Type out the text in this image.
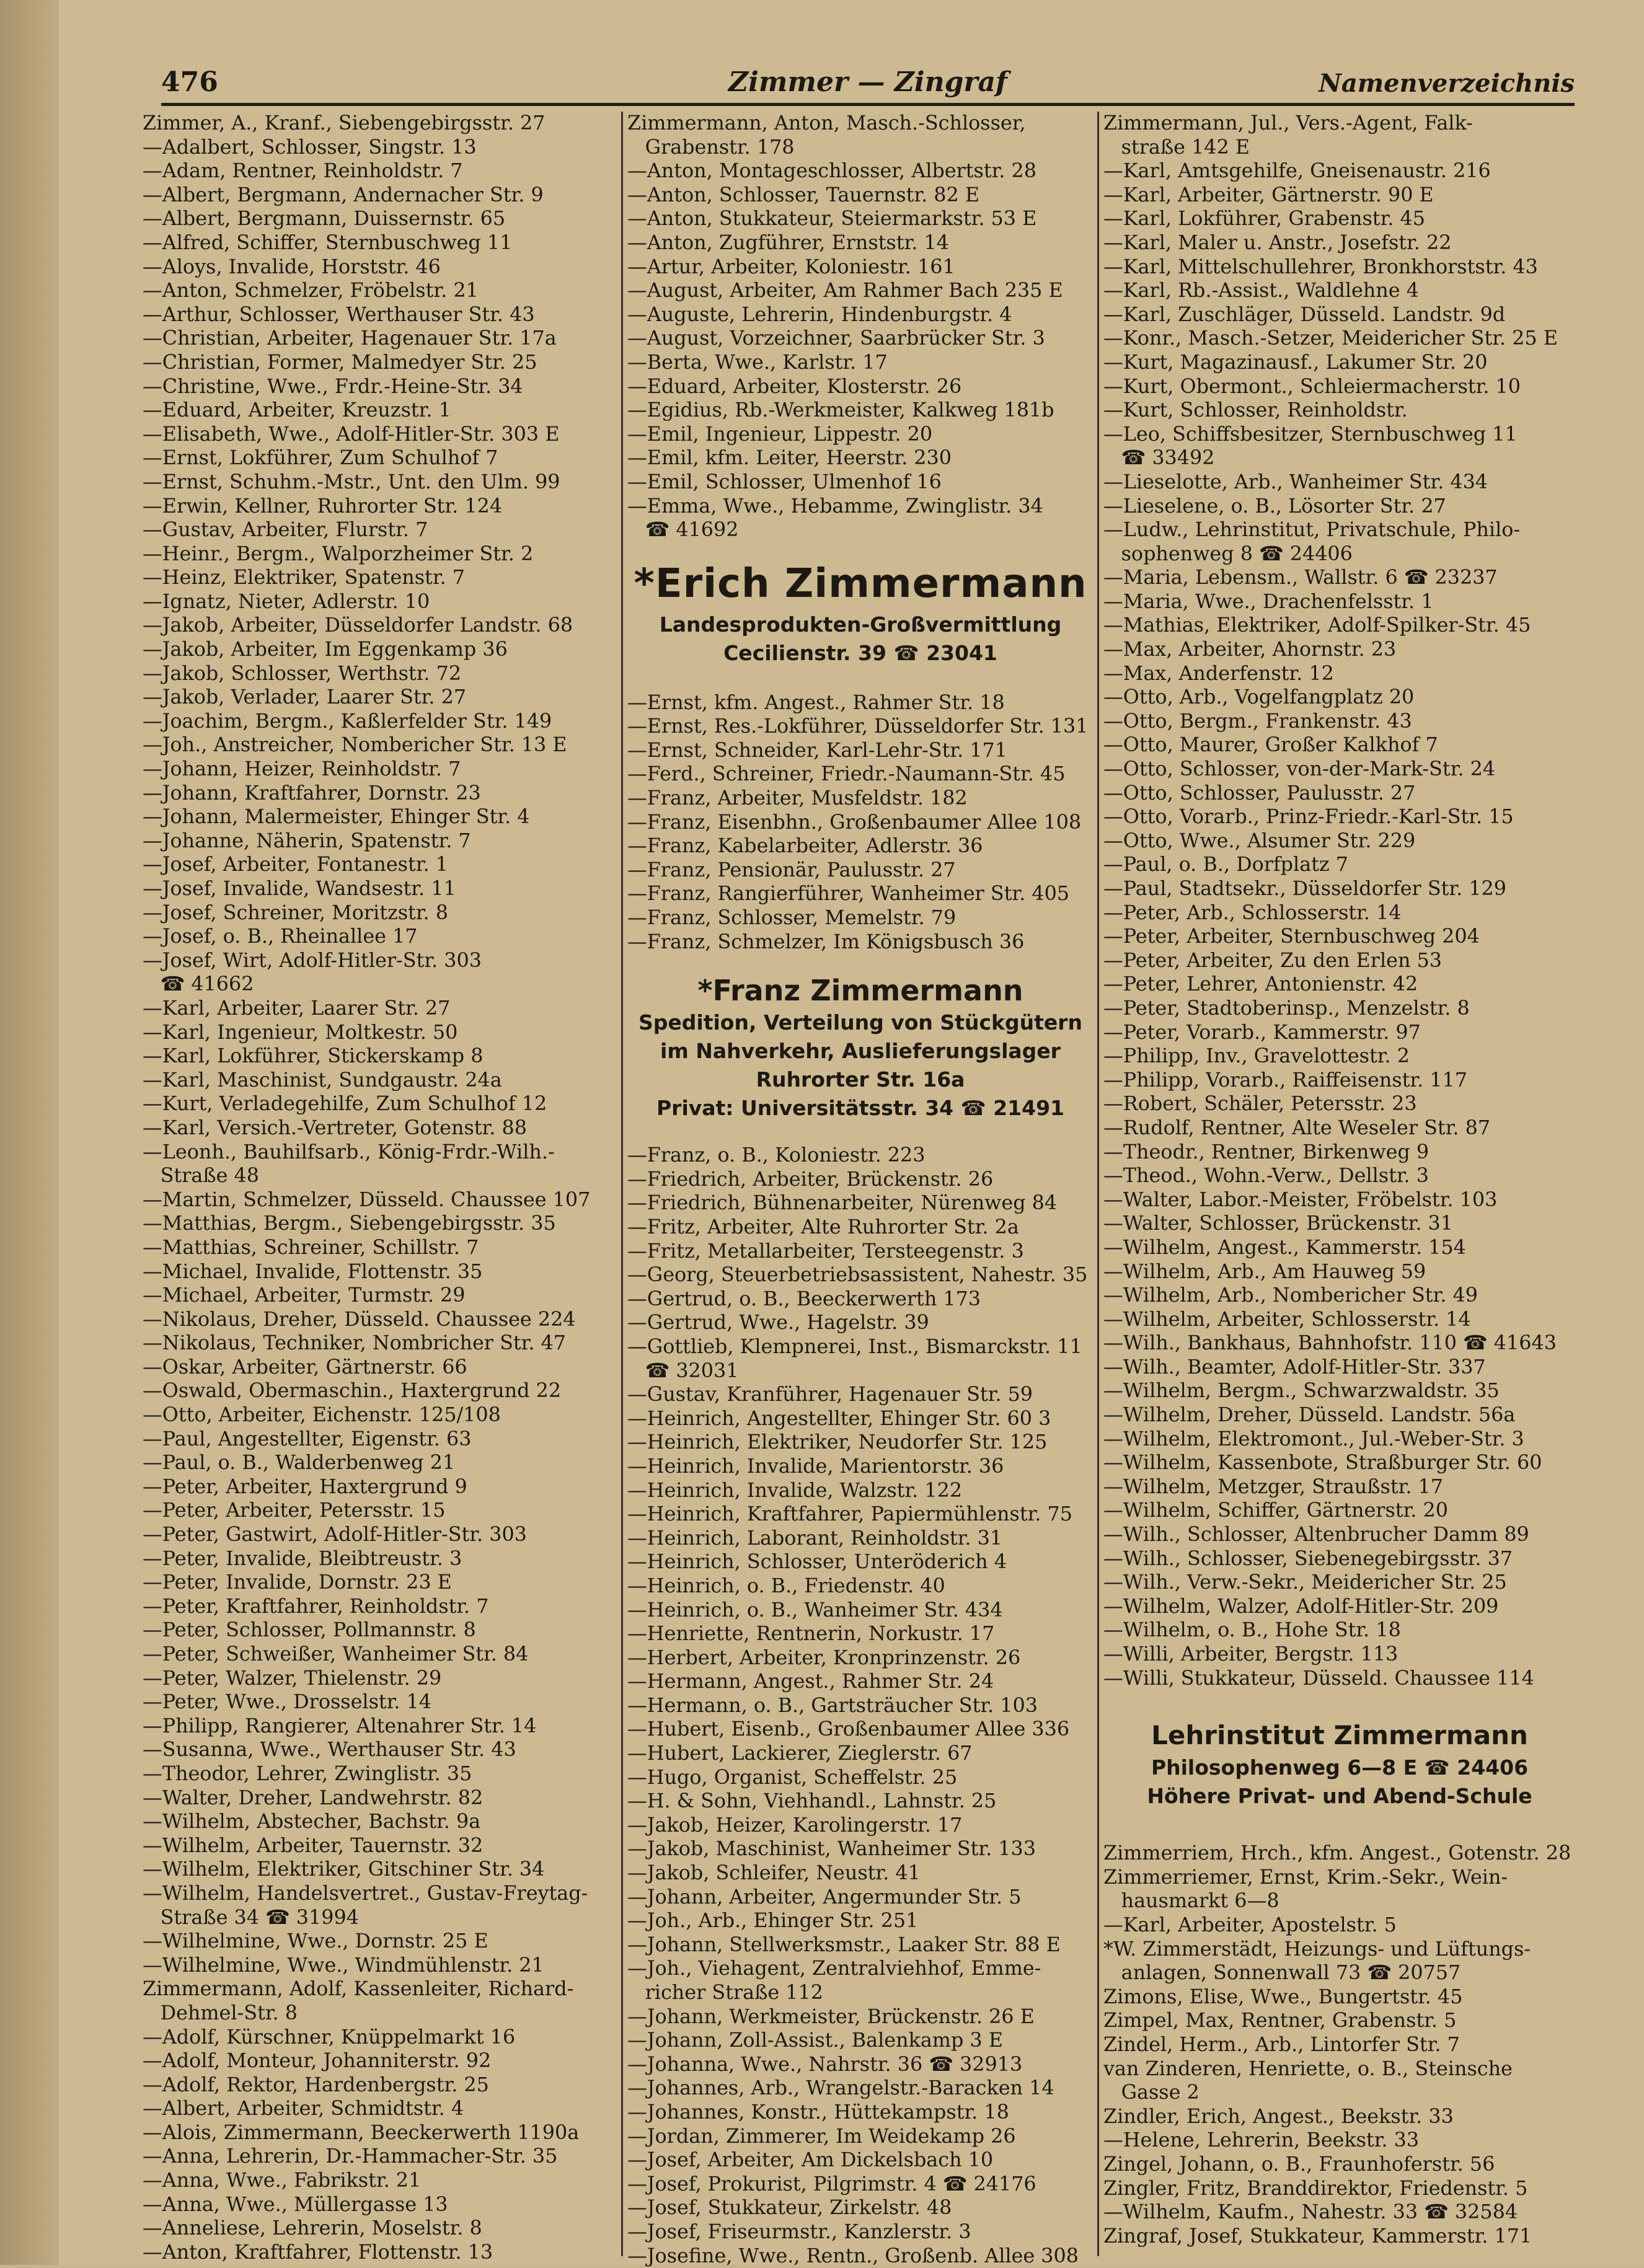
476	Zimmer — Zingraf	Namenverzeichnis
Zimmer, A., Kranf., Siebengebirgsstr. 27
—Adalbert, Schlosser, Singstr. 13
—Adam, Rentner, Reinholdstr. 7
—Albert, Bergmann, Andernacher Str. 9
—Albert, Bergmann, Duissernstr. 65
—Alfred, Schiffer, Sternbuschweg 11
—Aloys, Invalide, Horststr. 46
—Anton, Schmelzer, Fröbelstr. 21
—Arthur, Schlosser, Werthauser Str. 43
—Christian, Arbeiter, Hagenauer Str. 17a
—Christian, Former, Malmedyer Str. 25
—Christine, Wwe., Frdr.-Heine-Str. 34
—Eduard, Arbeiter, Kreuzstr. 1
—Elisabeth, Wwe., Adolf-Hitler-Str. 303 E
—Ernst, Lokführer, Zum Schulhof 7
—Ernst, Schuhm.-Mstr., Unt. den Ulm. 99
—Erwin, Kellner, Ruhrorter Str. 124
—Gustav, Arbeiter, Flurstr. 7
—Heinr., Bergm., Walporzheimer Str. 2
—Heinz, Elektriker, Spatenstr. 7
—Ignatz, Nieter, Adlerstr. 10
—Jakob, Arbeiter, Düsseldorfer Landstr. 68
—Jakob, Arbeiter, Im Eggenkamp 36
—Jakob, Schlosser, Werthstr. 72
—Jakob, Verlader, Laarer Str. 27
—Joachim, Bergm., Kaßlerfelder Str. 149
—Joh., Anstreicher, Nombericher Str. 13 E
—Johann, Heizer, Reinholdstr. 7
—Johann, Kraftfahrer, Dornstr. 23
—Johann, Malermeister, Ehinger Str. 4
—Johanne, Näherin, Spatenstr. 7
—Josef, Arbeiter, Fontanestr. 1
—Josef, Invalide, Wandsestr. 11
—Josef, Schreiner, Moritzstr. 8
—Josef, o. B., Rheinallee 17
—Josef, Wirt, Adolf-Hitler-Str. 303
☎ 41662
—Karl, Arbeiter, Laarer Str. 27
—Karl, Ingenieur, Moltkestr. 50
—Karl, Lokführer, Stickerskamp 8
—Karl, Maschinist, Sundgaustr. 24a
—Kurt, Verladegehilfe, Zum Schulhof 12
—Karl, Versich.-Vertreter, Gotenstr. 88
—Leonh., Bauhilfsarb., König-Frdr.-Wilh.-
Straße 48
—Martin, Schmelzer, Düsseld. Chaussee 107
—Matthias, Bergm., Siebengebirgsstr. 35
—Matthias, Schreiner, Schillstr. 7
—Michael, Invalide, Flottenstr. 35
—Michael, Arbeiter, Turmstr. 29
—Nikolaus, Dreher, Düsseld. Chaussee 224
—Nikolaus, Techniker, Nombricher Str. 47
—Oskar, Arbeiter, Gärtnerstr. 66
—Oswald, Obermaschin., Haxtergrund 22
—Otto, Arbeiter, Eichenstr. 125/108
—Paul, Angestellter, Eigenstr. 63
—Paul, o. B., Walderbenweg 21
—Peter, Arbeiter, Haxtergrund 9
—Peter, Arbeiter, Petersstr. 15
—Peter, Gastwirt, Adolf-Hitler-Str. 303
—Peter, Invalide, Bleibtreustr. 3
—Peter, Invalide, Dornstr. 23 E
—Peter, Kraftfahrer, Reinholdstr. 7
—Peter, Schlosser, Pollmannstr. 8
—Peter, Schweißer, Wanheimer Str. 84
—Peter, Walzer, Thielenstr. 29
—Peter, Wwe., Drosselstr. 14
—Philipp, Rangierer, Altenahrer Str. 14
—Susanna, Wwe., Werthauser Str. 43
—Theodor, Lehrer, Zwinglistr. 35
—Walter, Dreher, Landwehrstr. 82
—Wilhelm, Abstecher, Bachstr. 9a
—Wilhelm, Arbeiter, Tauernstr. 32
—Wilhelm, Elektriker, Gitschiner Str. 34
—Wilhelm, Handelsvertret., Gustav-Freytag-
Straße 34 ☎ 31994
—Wilhelmine, Wwe., Dornstr. 25 E
—Wilhelmine, Wwe., Windmühlenstr. 21
Zimmermann, Adolf, Kassenleiter, Richard-
Dehmel-Str. 8
—Adolf, Kürschner, Knüppelmarkt 16
—Adolf, Monteur, Johanniterstr. 92
—Adolf, Rektor, Hardenbergstr. 25
—Albert, Arbeiter, Schmidtstr. 4
—Alois, Zimmermann, Beeckerwerth 1190a
—Anna, Lehrerin, Dr.-Hammacher-Str. 35
—Anna, Wwe., Fabrikstr. 21
—Anna, Wwe., Müllergasse 13
—Anneliese, Lehrerin, Moselstr. 8
—Anton, Kraftfahrer, Flottenstr. 13
Zimmermann, Anton, Masch.-Schlosser,
Grabenstr. 178
—Anton, Montageschlosser, Albertstr. 28
—Anton, Schlosser, Tauernstr. 82 E
—Anton, Stukkateur, Steiermarkstr. 53 E
—Anton, Zugführer, Ernststr. 14
—Artur, Arbeiter, Koloniestr. 161
—August, Arbeiter, Am Rahmer Bach 235 E
—Auguste, Lehrerin, Hindenburgstr. 4
—August, Vorzeichner, Saarbrücker Str. 3
—Berta, Wwe., Karlstr. 17
—Eduard, Arbeiter, Klosterstr. 26
—Egidius, Rb.-Werkmeister, Kalkweg 181b
—Emil, Ingenieur, Lippestr. 20
—Emil, kfm. Leiter, Heerstr. 230
—Emil, Schlosser, Ulmenhof 16
—Emma, Wwe., Hebamme, Zwinglistr. 34
☎ 41692
*Erich Zimmermann
Landesprodukten-Großvermittlung
Cecilienstr. 39 ☎ 23041
—Ernst, kfm. Angest., Rahmer Str. 18
—Ernst, Res.-Lokführer, Düsseldorfer Str. 131
—Ernst, Schneider, Karl-Lehr-Str. 171
—Ferd., Schreiner, Friedr.-Naumann-Str. 45
—Franz, Arbeiter, Musfeldstr. 182
—Franz, Eisenbhn., Großenbaumer Allee 108
—Franz, Kabelarbeiter, Adlerstr. 36
—Franz, Pensionär, Paulusstr. 27
—Franz, Rangierführer, Wanheimer Str. 405
—Franz, Schlosser, Memelstr. 79
—Franz, Schmelzer, Im Königsbusch 36
*Franz Zimmermann
Spedition, Verteilung von Stückgütern
im Nahverkehr, Auslieferungslager
Ruhrorter Str. 16a
Privat: Universitätsstr. 34 ☎ 21491
—Franz, o. B., Koloniestr. 223
—Friedrich, Arbeiter, Brückenstr. 26
—Friedrich, Bühnenarbeiter, Nürenweg 84
—Fritz, Arbeiter, Alte Ruhrorter Str. 2a
—Fritz, Metallarbeiter, Tersteegenstr. 3
—Georg, Steuerbetriebsassistent, Nahestr. 35
—Gertrud, o. B., Beeckerwerth 173
—Gertrud, Wwe., Hagelstr. 39
—Gottlieb, Klempnerei, Inst., Bismarckstr. 11
☎ 32031
—Gustav, Kranführer, Hagenauer Str. 59
—Heinrich, Angestellter, Ehinger Str. 60 3
—Heinrich, Elektriker, Neudorfer Str. 125
—Heinrich, Invalide, Marientorstr. 36
—Heinrich, Invalide, Walzstr. 122
—Heinrich, Kraftfahrer, Papiermühlenstr. 75
—Heinrich, Laborant, Reinholdstr. 31
—Heinrich, Schlosser, Unteröderich 4
—Heinrich, o. B., Friedenstr. 40
—Heinrich, o. B., Wanheimer Str. 434
—Henriette, Rentnerin, Norkustr. 17
—Herbert, Arbeiter, Kronprinzenstr. 26
—Hermann, Angest., Rahmer Str. 24
—Hermann, o. B., Gartsträucher Str. 103
—Hubert, Eisenb., Großenbaumer Allee 336
—Hubert, Lackierer, Zieglerstr. 67
—Hugo, Organist, Scheffelstr. 25
—H. & Sohn, Viehhandl., Lahnstr. 25
—Jakob, Heizer, Karolingerstr. 17
—Jakob, Maschinist, Wanheimer Str. 133
—Jakob, Schleifer, Neustr. 41
—Johann, Arbeiter, Angermunder Str. 5
—Joh., Arb., Ehinger Str. 251
—Johann, Stellwerksmstr., Laaker Str. 88 E
—Joh., Viehagent, Zentralviehhof, Emme-
richer Straße 112
—Johann, Werkmeister, Brückenstr. 26 E
—Johann, Zoll-Assist., Balenkamp 3 E
—Johanna, Wwe., Nahrstr. 36 ☎ 32913
—Johannes, Arb., Wrangelstr.-Baracken 14
—Johannes, Konstr., Hüttekampstr. 18
—Jordan, Zimmerer, Im Weidekamp 26
—Josef, Arbeiter, Am Dickelsbach 10
—Josef, Prokurist, Pilgrimstr. 4 ☎ 24176
—Josef, Stukkateur, Zirkelstr. 48
—Josef, Friseurmstr., Kanzlerstr. 3
—Josefine, Wwe., Rentn., Großenb. Allee 308
Zimmermann, Jul., Vers.-Agent, Falk-
straße 142 E
—Karl, Amtsgehilfe, Gneisenaustr. 216
—Karl, Arbeiter, Gärtnerstr. 90 E
—Karl, Lokführer, Grabenstr. 45
—Karl, Maler u. Anstr., Josefstr. 22
—Karl, Mittelschullehrer, Bronkhorststr. 43
—Karl, Rb.-Assist., Waldlehne 4
—Karl, Zuschläger, Düsseld. Landstr. 9d
—Konr., Masch.-Setzer, Meidericher Str. 25 E
—Kurt, Magazinausf., Lakumer Str. 20
—Kurt, Obermont., Schleiermacherstr. 10
—Kurt, Schlosser, Reinholdstr.
—Leo, Schiffsbesitzer, Sternbuschweg 11
☎ 33492
—Lieselotte, Arb., Wanheimer Str. 434
—Lieselene, o. B., Lösorter Str. 27
—Ludw., Lehrinstitut, Privatschule, Philo-
sophenweg 8 ☎ 24406
—Maria, Lebensm., Wallstr. 6 ☎ 23237
—Maria, Wwe., Drachenfelsstr. 1
—Mathias, Elektriker, Adolf-Spilker-Str. 45
—Max, Arbeiter, Ahornstr. 23
—Max, Anderfenstr. 12
—Otto, Arb., Vogelfangplatz 20
—Otto, Bergm., Frankenstr. 43
—Otto, Maurer, Großer Kalkhof 7
—Otto, Schlosser, von-der-Mark-Str. 24
—Otto, Schlosser, Paulusstr. 27
—Otto, Vorarb., Prinz-Friedr.-Karl-Str. 15
—Otto, Wwe., Alsumer Str. 229
—Paul, o. B., Dorfplatz 7
—Paul, Stadtsekr., Düsseldorfer Str. 129
—Peter, Arb., Schlosserstr. 14
—Peter, Arbeiter, Sternbuschweg 204
—Peter, Arbeiter, Zu den Erlen 53
—Peter, Lehrer, Antonienstr. 42
—Peter, Stadtoberinsp., Menzelstr. 8
—Peter, Vorarb., Kammerstr. 97
—Philipp, Inv., Gravelottestr. 2
—Philipp, Vorarb., Raiffeisenstr. 117
—Robert, Schäler, Petersstr. 23
—Rudolf, Rentner, Alte Weseler Str. 87
—Theodr., Rentner, Birkenweg 9
—Theod., Wohn.-Verw., Dellstr. 3
—Walter, Labor.-Meister, Fröbelstr. 103
—Walter, Schlosser, Brückenstr. 31
—Wilhelm, Angest., Kammerstr. 154
—Wilhelm, Arb., Am Hauweg 59
—Wilhelm, Arb., Nombericher Str. 49
—Wilhelm, Arbeiter, Schlosserstr. 14
—Wilh., Bankhaus, Bahnhofstr. 110 ☎ 41643
—Wilh., Beamter, Adolf-Hitler-Str. 337
—Wilhelm, Bergm., Schwarzwaldstr. 35
—Wilhelm, Dreher, Düsseld. Landstr. 56a
—Wilhelm, Elektromont., Jul.-Weber-Str. 3
—Wilhelm, Kassenbote, Straßburger Str. 60
—Wilhelm, Metzger, Straußstr. 17
—Wilhelm, Schiffer, Gärtnerstr. 20
—Wilh., Schlosser, Altenbrucher Damm 89
—Wilh., Schlosser, Siebenegebirgsstr. 37
—Wilh., Verw.-Sekr., Meidericher Str. 25
—Wilhelm, Walzer, Adolf-Hitler-Str. 209
—Wilhelm, o. B., Hohe Str. 18
—Willi, Arbeiter, Bergstr. 113
—Willi, Stukkateur, Düsseld. Chaussee 114
Lehrinstitut Zimmermann
Philosophenweg 6—8 E ☎ 24406
Höhere Privat- und Abend-Schule
Zimmerriem, Hrch., kfm. Angest., Gotenstr. 28
Zimmerriemer, Ernst, Krim.-Sekr., Wein-
hausmarkt 6—8
—Karl, Arbeiter, Apostelstr. 5
*W. Zimmerstädt, Heizungs- und Lüftungs-
anlagen, Sonnenwall 73 ☎ 20757
Zimons, Elise, Wwe., Bungertstr. 45
Zimpel, Max, Rentner, Grabenstr. 5
Zindel, Herm., Arb., Lintorfer Str. 7
van Zinderen, Henriette, o. B., Steinsche
Gasse 2
Zindler, Erich, Angest., Beekstr. 33
—Helene, Lehrerin, Beekstr. 33
Zingel, Johann, o. B., Fraunhoferstr. 56
Zingler, Fritz, Branddirektor, Friedenstr. 5
—Wilhelm, Kaufm., Nahestr. 33 ☎ 32584
Zingraf, Josef, Stukkateur, Kammerstr. 171
